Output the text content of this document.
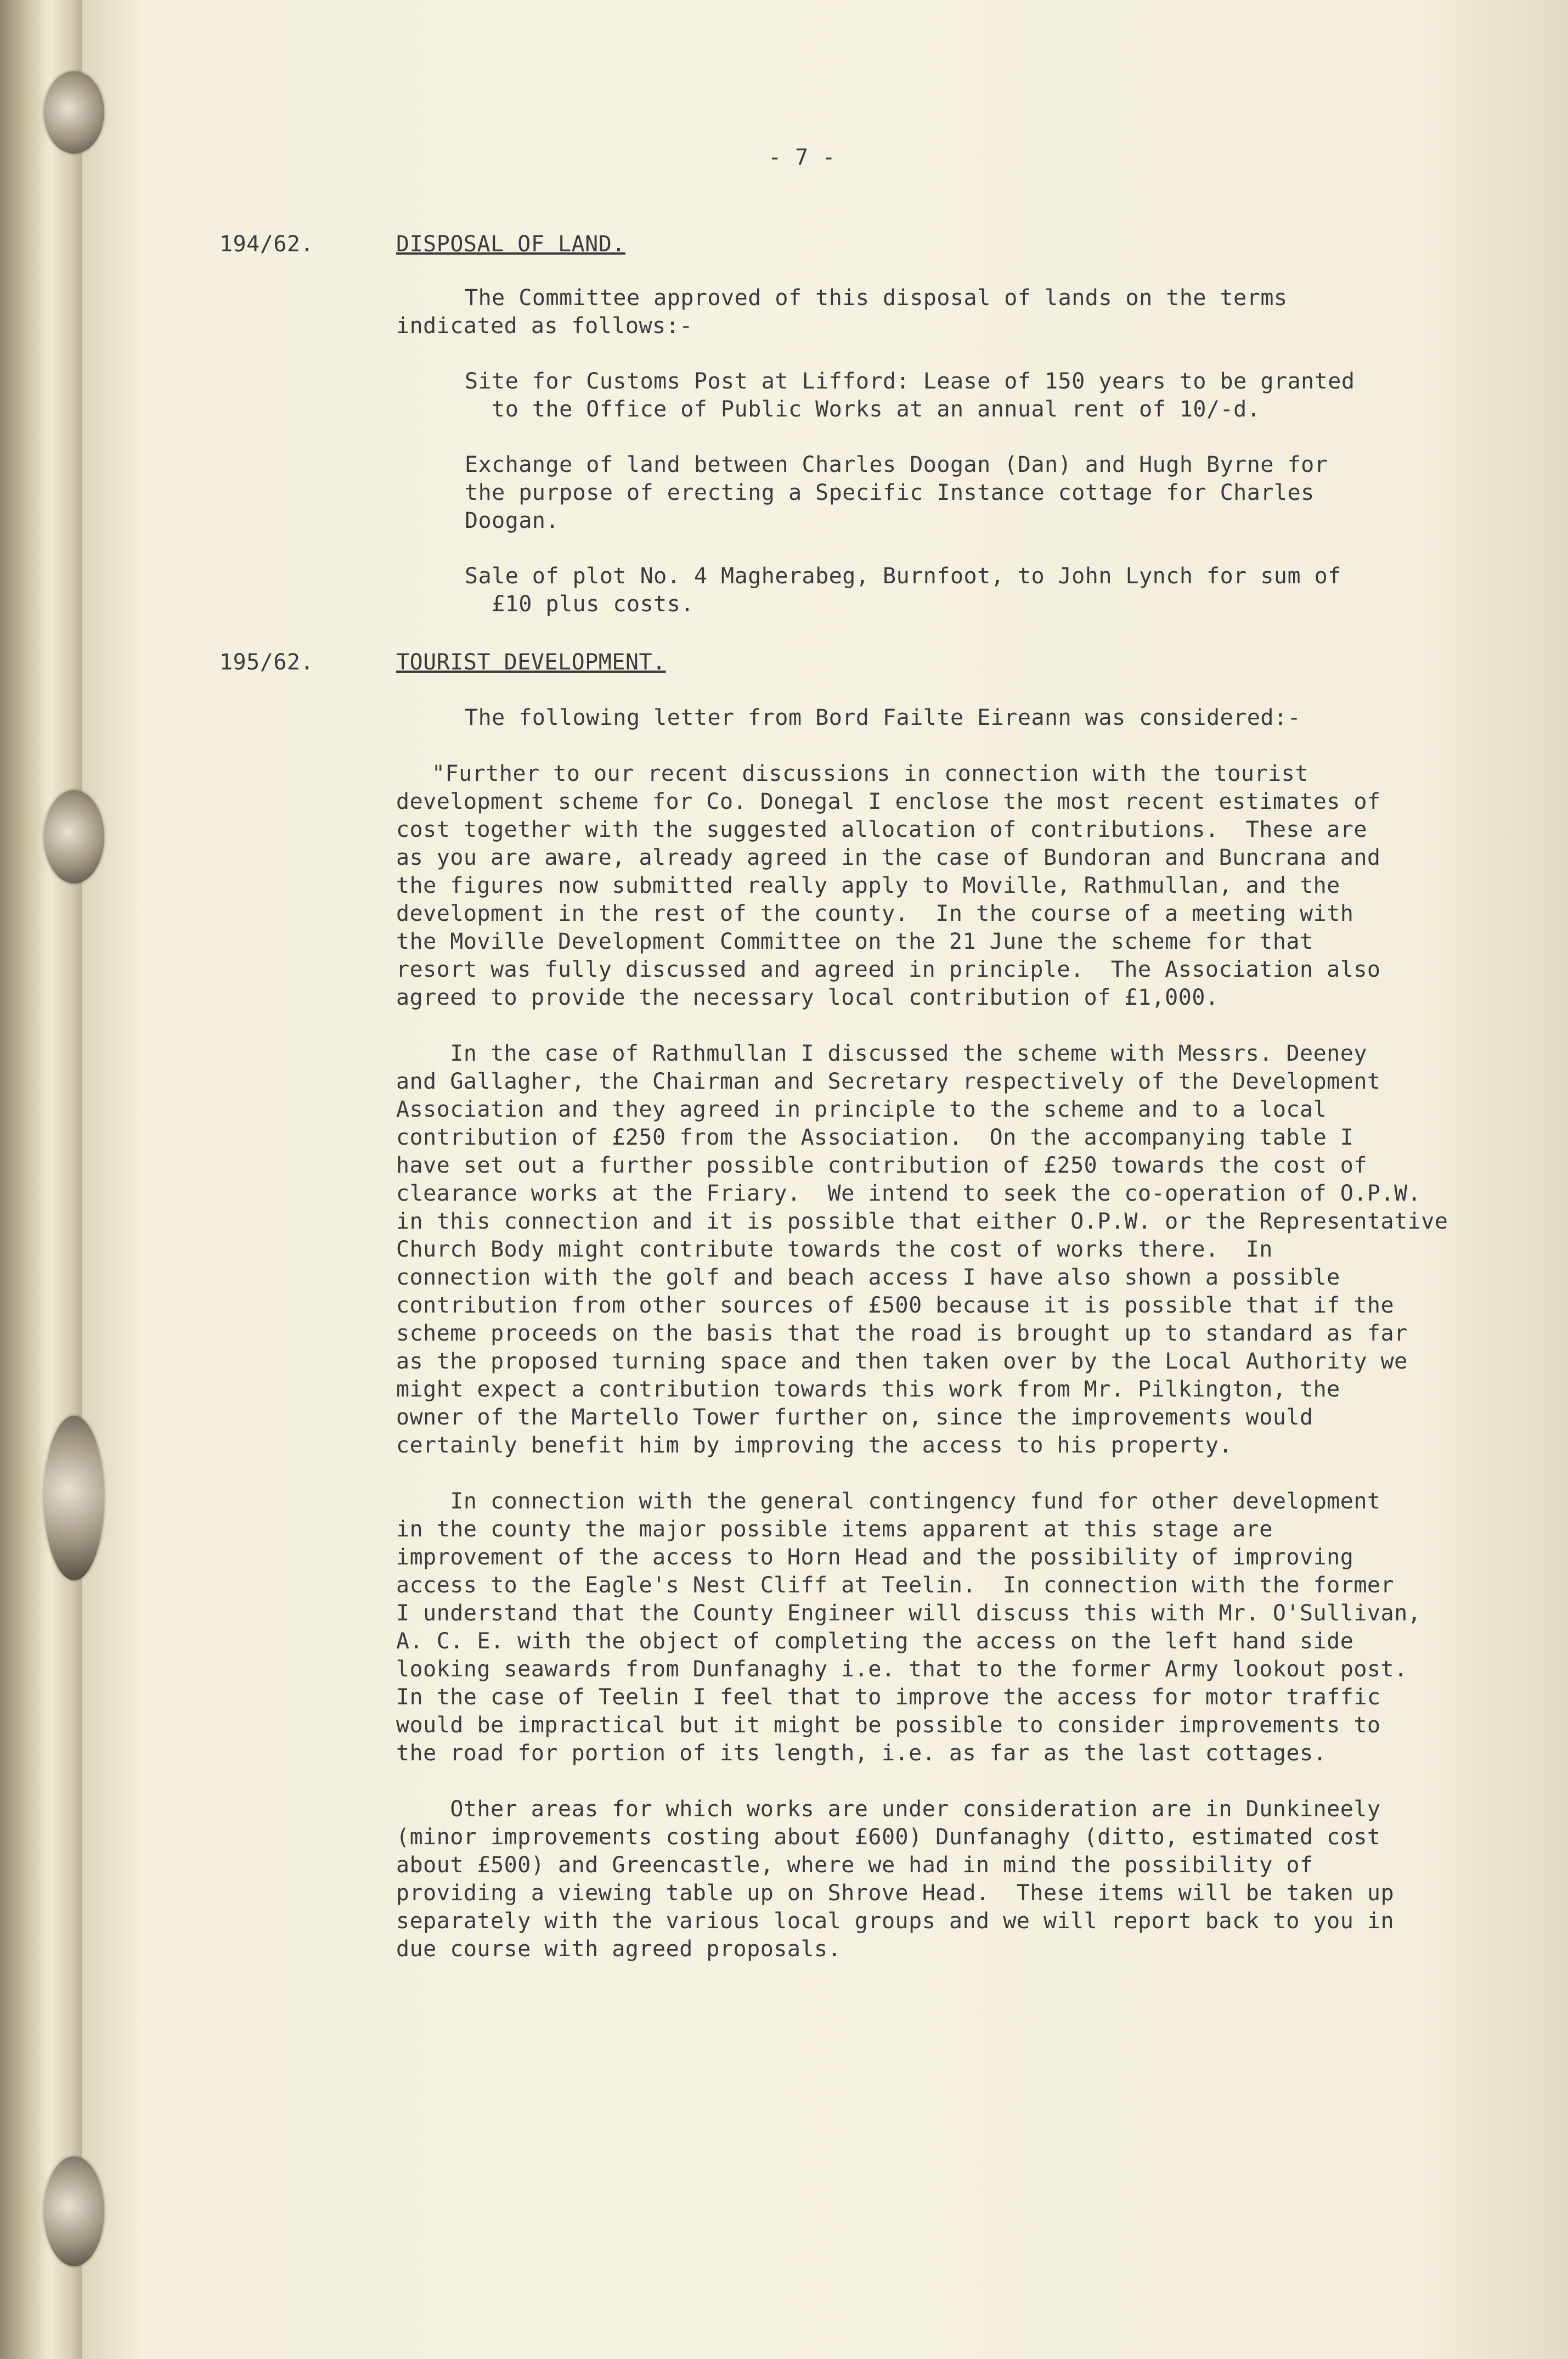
- 7 -
194/62.	DISPOSAL OF LAND.
The Committee approved of this disposal of lands on the terms
indicated as follows:-
Site for Customs Post at Lifford: Lease of 150 years to be granted
to the Office of Public Works at an annual rent of 10/-d.
Exchange of land between Charles Doogan (Dan) and Hugh Byrne for
the purpose of erecting a Specific Instance cottage for Charles
Doogan.
Sale of plot No. 4 Magherabeg, Burnfoot, to John Lynch for sum of
£10 plus costs.
195/62.	TOURIST DEVELOPMENT.
The following letter from Bord Failte Eireann was considered:-
"Further to our recent discussions in connection with the tourist
development scheme for Co. Donegal I enclose the most recent estimates of
cost together with the suggested allocation of contributions.  These are
as you are aware, already agreed in the case of Bundoran and Buncrana and
the figures now submitted really apply to Moville, Rathmullan, and the
development in the rest of the county.  In the course of a meeting with
the Moville Development Committee on the 21 June the scheme for that
resort was fully discussed and agreed in principle.  The Association also
agreed to provide the necessary local contribution of £1,000.
In the case of Rathmullan I discussed the scheme with Messrs. Deeney
and Gallagher, the Chairman and Secretary respectively of the Development
Association and they agreed in principle to the scheme and to a local
contribution of £250 from the Association.  On the accompanying table I
have set out a further possible contribution of £250 towards the cost of
clearance works at the Friary.  We intend to seek the co-operation of O.P.W.
in this connection and it is possible that either O.P.W. or the Representative
Church Body might contribute towards the cost of works there.  In
connection with the golf and beach access I have also shown a possible
contribution from other sources of £500 because it is possible that if the
scheme proceeds on the basis that the road is brought up to standard as far
as the proposed turning space and then taken over by the Local Authority we
might expect a contribution towards this work from Mr. Pilkington, the
owner of the Martello Tower further on, since the improvements would
certainly benefit him by improving the access to his property.
In connection with the general contingency fund for other development
in the county the major possible items apparent at this stage are
improvement of the access to Horn Head and the possibility of improving
access to the Eagle's Nest Cliff at Teelin.  In connection with the former
I understand that the County Engineer will discuss this with Mr. O'Sullivan,
A. C. E. with the object of completing the access on the left hand side
looking seawards from Dunfanaghy i.e. that to the former Army lookout post.
In the case of Teelin I feel that to improve the access for motor traffic
would be impractical but it might be possible to consider improvements to
the road for portion of its length, i.e. as far as the last cottages.
Other areas for which works are under consideration are in Dunkineely
(minor improvements costing about £600) Dunfanaghy (ditto, estimated cost
about £500) and Greencastle, where we had in mind the possibility of
providing a viewing table up on Shrove Head.  These items will be taken up
separately with the various local groups and we will report back to you in
due course with agreed proposals.
